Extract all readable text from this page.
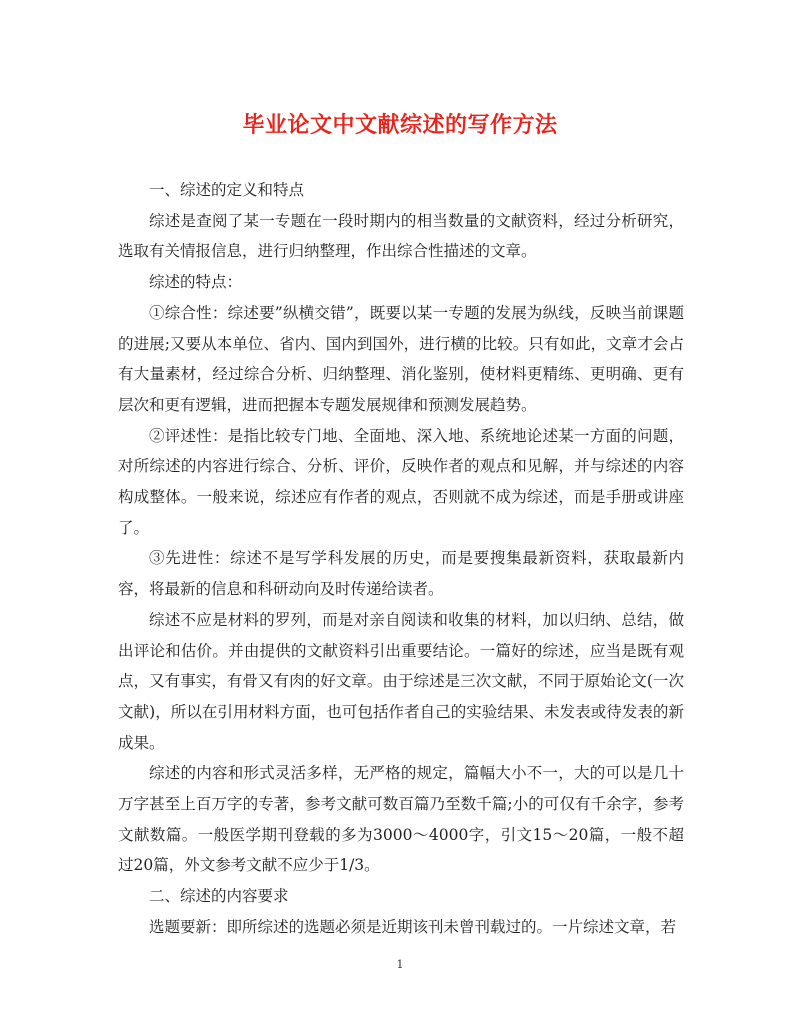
毕业论文中文献综述的写作方法

一、综述的定义和特点

综述是查阅了某一专题在一段时期内的相当数量的文献资料，经过分析研究，选取有关情报信息，进行归纳整理，作出综合性描述的文章。

综述的特点：

①综合性：综述要”纵横交错”，既要以某一专题的发展为纵线，反映当前课题的进展;又要从本单位、省内、国内到国外，进行横的比较。只有如此，文章才会占有大量素材，经过综合分析、归纳整理、消化鉴别，使材料更精练、更明确、更有层次和更有逻辑，进而把握本专题发展规律和预测发展趋势。

②评述性：是指比较专门地、全面地、深入地、系统地论述某一方面的问题，对所综述的内容进行综合、分析、评价，反映作者的观点和见解，并与综述的内容构成整体。一般来说，综述应有作者的观点，否则就不成为综述，而是手册或讲座了。

③先进性：综述不是写学科发展的历史，而是要搜集最新资料，获取最新内容，将最新的信息和科研动向及时传递给读者。

综述不应是材料的罗列，而是对亲自阅读和收集的材料，加以归纳、总结，做出评论和估价。并由提供的文献资料引出重要结论。一篇好的综述，应当是既有观点，又有事实，有骨又有肉的好文章。由于综述是三次文献，不同于原始论文(一次文献)，所以在引用材料方面，也可包括作者自己的实验结果、未发表或待发表的新成果。

综述的内容和形式灵活多样，无严格的规定，篇幅大小不一，大的可以是几十万字甚至上百万字的专著，参考文献可数百篇乃至数千篇;小的可仅有千余字，参考文献数篇。一般医学期刊登载的多为3000～4000字，引文15～20篇，一般不超过20篇，外文参考文献不应少于1/3。

二、综述的内容要求

选题要新：即所综述的选题必须是近期该刊未曾刊载过的。一片综述文章，若

1
